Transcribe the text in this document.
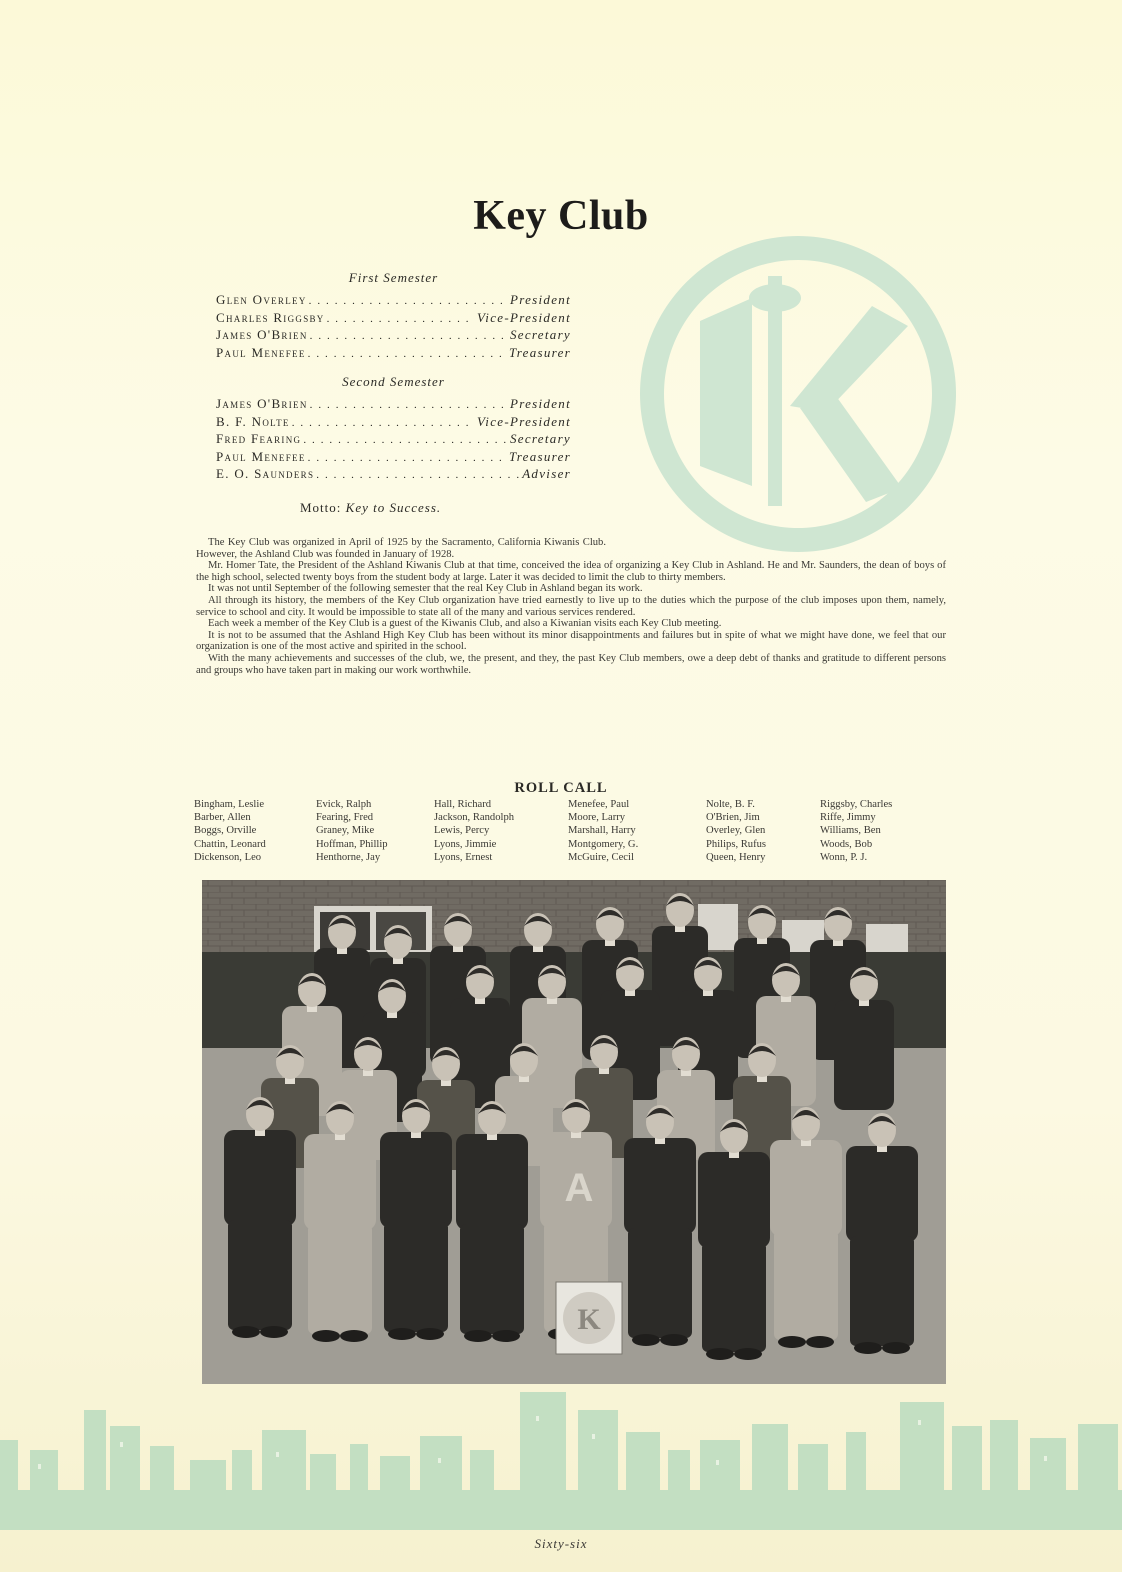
Key Club
First Semester
Glen Overley . . .	President
Charles Riggsby . . .	Vice-President
James O'Brien . . .	Secretary
Paul Menefee . . .	Treasurer
Second Semester
James O'Brien . . .	President
B. F. Nolte . . .	Vice-President
Fred Fearing . . .	Secretary
Paul Menefee . . .	Treasurer
E. O. Saunders . . .	Adviser
Motto: Key to Success.

The Key Club was organized in April of 1925 by the Sacramento, California Kiwanis Club. However, the Ashland Club was founded in January of 1928.

Mr. Homer Tate, the President of the Ashland Kiwanis Club at that time, conceived the idea of organizing a Key Club in Ashland. He and Mr. Saunders, the dean of boys of the high school, selected twenty boys from the student body at large. Later it was decided to limit the club to thirty members.

It was not until September of the following semester that the real Key Club in Ashland began its work.

All through its history, the members of the Key Club organization have tried earnestly to live up to the duties which the purpose of the club imposes upon them, namely, service to school and city. It would be impossible to state all of the many and various services rendered.

Each week a member of the Key Club is a guest of the Kiwanis Club, and also a Kiwanian visits each Key Club meeting.

It is not to be assumed that the Ashland High Key Club has been without its minor disappointments and failures but in spite of what we might have done, we feel that our organization is one of the most active and spirited in the school.

With the many achievements and successes of the club, we, the present, and they, the past Key Club members, owe a deep debt of thanks and gratitude to different persons and groups who have taken part in making our work worthwhile.

ROLL CALL
Bingham, Leslie
Barber, Allen
Boggs, Orville
Chattin, Leonard
Dickenson, Leo
Evick, Ralph
Fearing, Fred
Graney, Mike
Hoffman, Phillip
Henthorne, Jay
Hall, Richard
Jackson, Randolph
Lewis, Percy
Lyons, Jimmie
Lyons, Ernest
Menefee, Paul
Moore, Larry
Marshall, Harry
Montgomery, G.
McGuire, Cecil
Nolte, B. F.
O'Brien, Jim
Overley, Glen
Philips, Rufus
Queen, Henry
Riggsby, Charles
Riffe, Jimmy
Williams, Ben
Woods, Bob
Wonn, P. J.
K
A
Sixty-six
